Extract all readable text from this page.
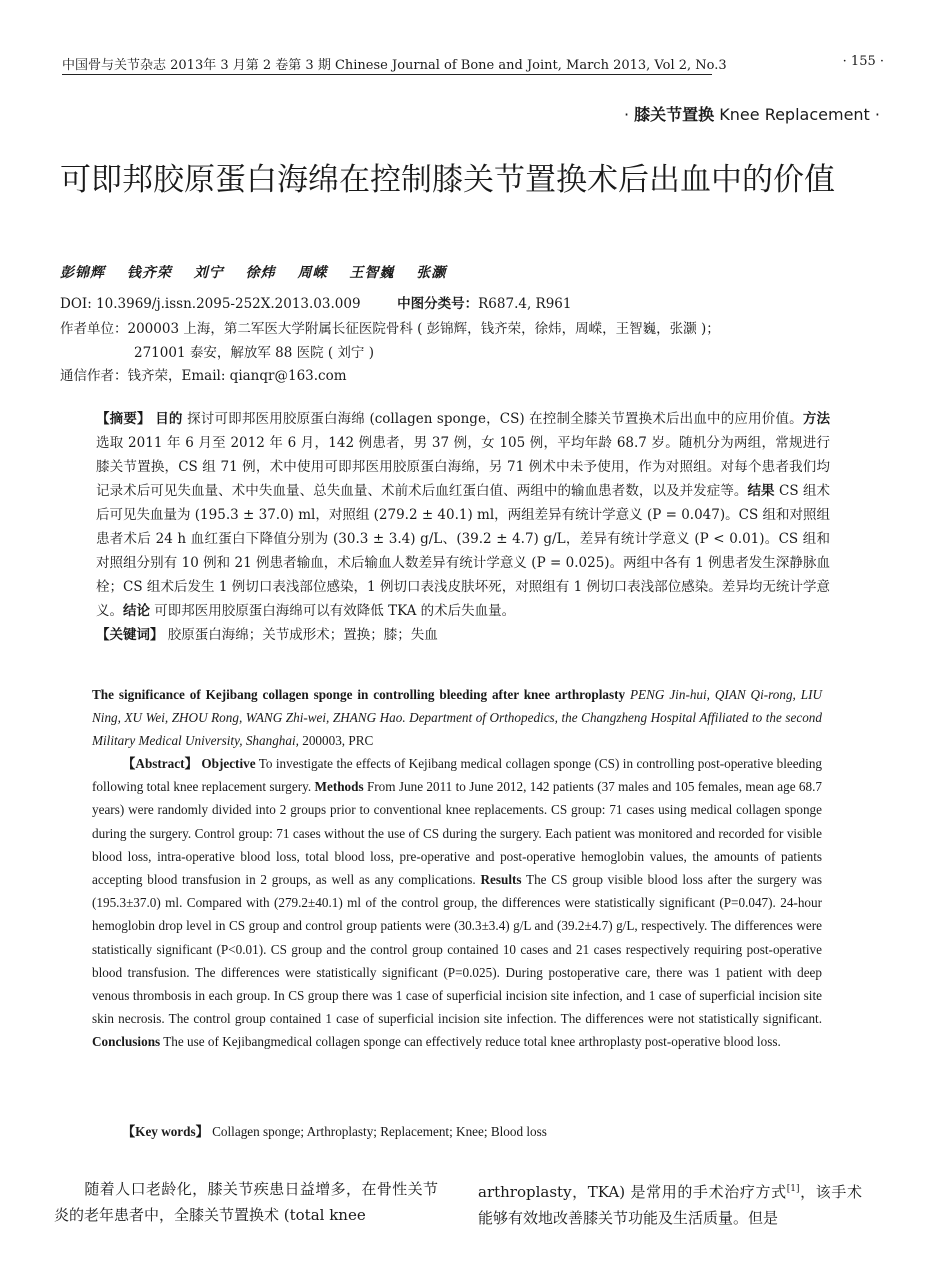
中国骨与关节杂志 2013年 3 月第 2 卷第 3 期 Chinese Journal of Bone and Joint, March 2013, Vol 2, No.3	· 155 ·
· 膝关节置换 Knee Replacement ·
可即邦胶原蛋白海绵在控制膝关节置换术后出血中的价值
彭锦辉 钱齐荣 刘宁 徐炜 周嵘 王智巍 张灏
DOI: 10.3969/j.issn.2095-252X.2013.03.009	中图分类号：R687.4, R961
作者单位：200003 上海，第二军医大学附属长征医院骨科 ( 彭锦辉，钱齐荣，徐炜，周嵘，王智巍，张灏 )；
271001 泰安，解放军 88 医院 ( 刘宁 )
通信作者：钱齐荣，Email: qianqr@163.com
【摘要】 目的 探讨可即邦医用胶原蛋白海绵 (collagen sponge，CS) 在控制全膝关节置换术后出血中的应用价值。方法 选取 2011 年 6 月至 2012 年 6 月，142 例患者，男 37 例，女 105 例，平均年龄 68.7 岁。随机分为两组，常规进行膝关节置换，CS 组 71 例，术中使用可即邦医用胶原蛋白海绵，另 71 例术中未予使用，作为对照组。对每个患者我们均记录术后可见失血量、术中失血量、总失血量、术前术后血红蛋白值、两组中的输血患者数，以及并发症等。结果 CS 组术后可见失血量为 (195.3 ± 37.0) ml，对照组 (279.2 ± 40.1) ml，两组差异有统计学意义 (P = 0.047)。CS 组和对照组患者术后 24 h 血红蛋白下降值分别为 (30.3 ± 3.4) g/L、(39.2 ± 4.7) g/L，差异有统计学意义 (P < 0.01)。CS 组和对照组分别有 10 例和 21 例患者输血，术后输血人数差异有统计学意义 (P = 0.025)。两组中各有 1 例患者发生深静脉血栓；CS 组术后发生 1 例切口表浅部位感染，1 例切口表浅皮肤坏死，对照组有 1 例切口表浅部位感染。差异均无统计学意义。结论 可即邦医用胶原蛋白海绵可以有效降低 TKA 的术后失血量。
【关键词】 胶原蛋白海绵；关节成形术；置换；膝；失血
The significance of Kejibang collagen sponge in controlling bleeding after knee arthroplasty PENG Jin-hui, QIAN Qi-rong, LIU Ning, XU Wei, ZHOU Rong, WANG Zhi-wei, ZHANG Hao. Department of Orthopedics, the Changzheng Hospital Affiliated to the second Military Medical University, Shanghai, 200003, PRC
【Abstract】 Objective To investigate the effects of Kejibang medical collagen sponge (CS) in controlling post-operative bleeding following total knee replacement surgery. Methods From June 2011 to June 2012, 142 patients (37 males and 105 females, mean age 68.7 years) were randomly divided into 2 groups prior to conventional knee replacements. CS group: 71 cases using medical collagen sponge during the surgery. Control group: 71 cases without the use of CS during the surgery. Each patient was monitored and recorded for visible blood loss, intra-operative blood loss, total blood loss, pre-operative and post-operative hemoglobin values, the amounts of patients accepting blood transfusion in 2 groups, as well as any complications. Results The CS group visible blood loss after the surgery was (195.3±37.0) ml. Compared with (279.2±40.1) ml of the control group, the differences were statistically significant (P=0.047). 24-hour hemoglobin drop level in CS group and control group patients were (30.3±3.4) g/L and (39.2±4.7) g/L, respectively. The differences were statistically significant (P<0.01). CS group and the control group contained 10 cases and 21 cases respectively requiring post-operative blood transfusion. The differences were statistically significant (P=0.025). During postoperative care, there was 1 patient with deep venous thrombosis in each group. In CS group there was 1 case of superficial incision site infection, and 1 case of superficial incision site skin necrosis. The control group contained 1 case of superficial incision site infection. The differences were not statistically significant. Conclusions The use of Kejibangmedical collagen sponge can effectively reduce total knee arthroplasty post-operative blood loss.
【Key words】 Collagen sponge; Arthroplasty; Replacement; Knee; Blood loss
随着人口老龄化，膝关节疾患日益增多，在骨性关节炎的老年患者中，全膝关节置换术 (total knee
arthroplasty，TKA) 是常用的手术治疗方式[1]，该手术能够有效地改善膝关节功能及生活质量。但是
